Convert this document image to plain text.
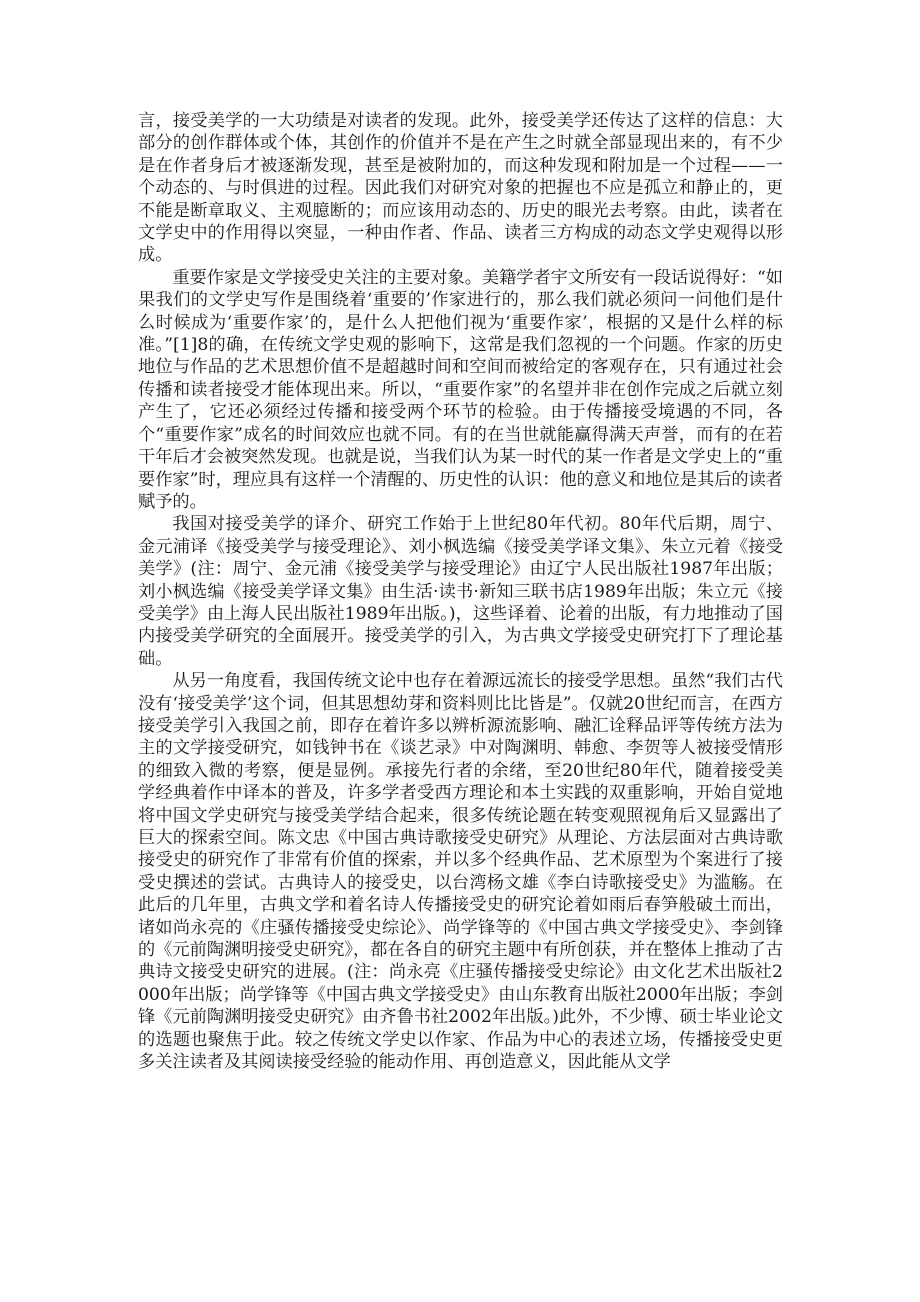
言，接受美学的一大功绩是对读者的发现。此外，接受美学还传达了这样的信息：大部分的创作群体或个体，其创作的价值并不是在产生之时就全部显现出来的，有不少是在作者身后才被逐渐发现，甚至是被附加的，而这种发现和附加是一个过程——一个动态的、与时俱进的过程。因此我们对研究对象的把握也不应是孤立和静止的，更不能是断章取义、主观臆断的；而应该用动态的、历史的眼光去考察。由此，读者在文学史中的作用得以突显，一种由作者、作品、读者三方构成的动态文学史观得以形成。

重要作家是文学接受史关注的主要对象。美籍学者宇文所安有一段话说得好：“如果我们的文学史写作是围绕着‘重要的’作家进行的，那么我们就必须问一问他们是什么时候成为‘重要作家’的，是什么人把他们视为‘重要作家’，根据的又是什么样的标准。”[1]8的确，在传统文学史观的影响下，这常是我们忽视的一个问题。作家的历史地位与作品的艺术思想价值不是超越时间和空间而被给定的客观存在，只有通过社会传播和读者接受才能体现出来。所以，“重要作家”的名望并非在创作完成之后就立刻产生了，它还必须经过传播和接受两个环节的检验。由于传播接受境遇的不同，各个“重要作家”成名的时间效应也就不同。有的在当世就能赢得满天声誉，而有的在若干年后才会被突然发现。也就是说，当我们认为某一时代的某一作者是文学史上的“重要作家”时，理应具有这样一个清醒的、历史性的认识：他的意义和地位是其后的读者赋予的。

我国对接受美学的译介、研究工作始于上世纪80年代初。80年代后期，周宁、金元浦译《接受美学与接受理论》、刘小枫选编《接受美学译文集》、朱立元着《接受美学》(注：周宁、金元浦《接受美学与接受理论》由辽宁人民出版社1987年出版；刘小枫选编《接受美学译文集》由生活·读书·新知三联书店1989年出版；朱立元《接受美学》由上海人民出版社1989年出版。)，这些译着、论着的出版，有力地推动了国内接受美学研究的全面展开。接受美学的引入，为古典文学接受史研究打下了理论基础。

从另一角度看，我国传统文论中也存在着源远流长的接受学思想。虽然“我们古代没有‘接受美学’这个词，但其思想幼芽和资料则比比皆是”。仅就20世纪而言，在西方接受美学引入我国之前，即存在着许多以辨析源流影响、融汇诠释品评等传统方法为主的文学接受研究，如钱钟书在《谈艺录》中对陶渊明、韩愈、李贺等人被接受情形的细致入微的考察，便是显例。承接先行者的余绪，至20世纪80年代，随着接受美学经典着作中译本的普及，许多学者受西方理论和本土实践的双重影响，开始自觉地将中国文学史研究与接受美学结合起来，很多传统论题在转变观照视角后又显露出了巨大的探索空间。陈文忠《中国古典诗歌接受史研究》从理论、方法层面对古典诗歌接受史的研究作了非常有价值的探索，并以多个经典作品、艺术原型为个案进行了接受史撰述的尝试。古典诗人的接受史，以台湾杨文雄《李白诗歌接受史》为滥觞。在此后的几年里，古典文学和着名诗人传播接受史的研究论着如雨后春笋般破土而出，诸如尚永亮的《庄骚传播接受史综论》、尚学锋等的《中国古典文学接受史》、李剑锋的《元前陶渊明接受史研究》，都在各自的研究主题中有所创获，并在整体上推动了古典诗文接受史研究的进展。(注：尚永亮《庄骚传播接受史综论》由文化艺术出版社2000年出版；尚学锋等《中国古典文学接受史》由山东教育出版社2000年出版；李剑锋《元前陶渊明接受史研究》由齐鲁书社2002年出版。)此外，不少博、硕士毕业论文的选题也聚焦于此。较之传统文学史以作家、作品为中心的表述立场，传播接受史更多关注读者及其阅读接受经验的能动作用、再创造意义，因此能从文学
